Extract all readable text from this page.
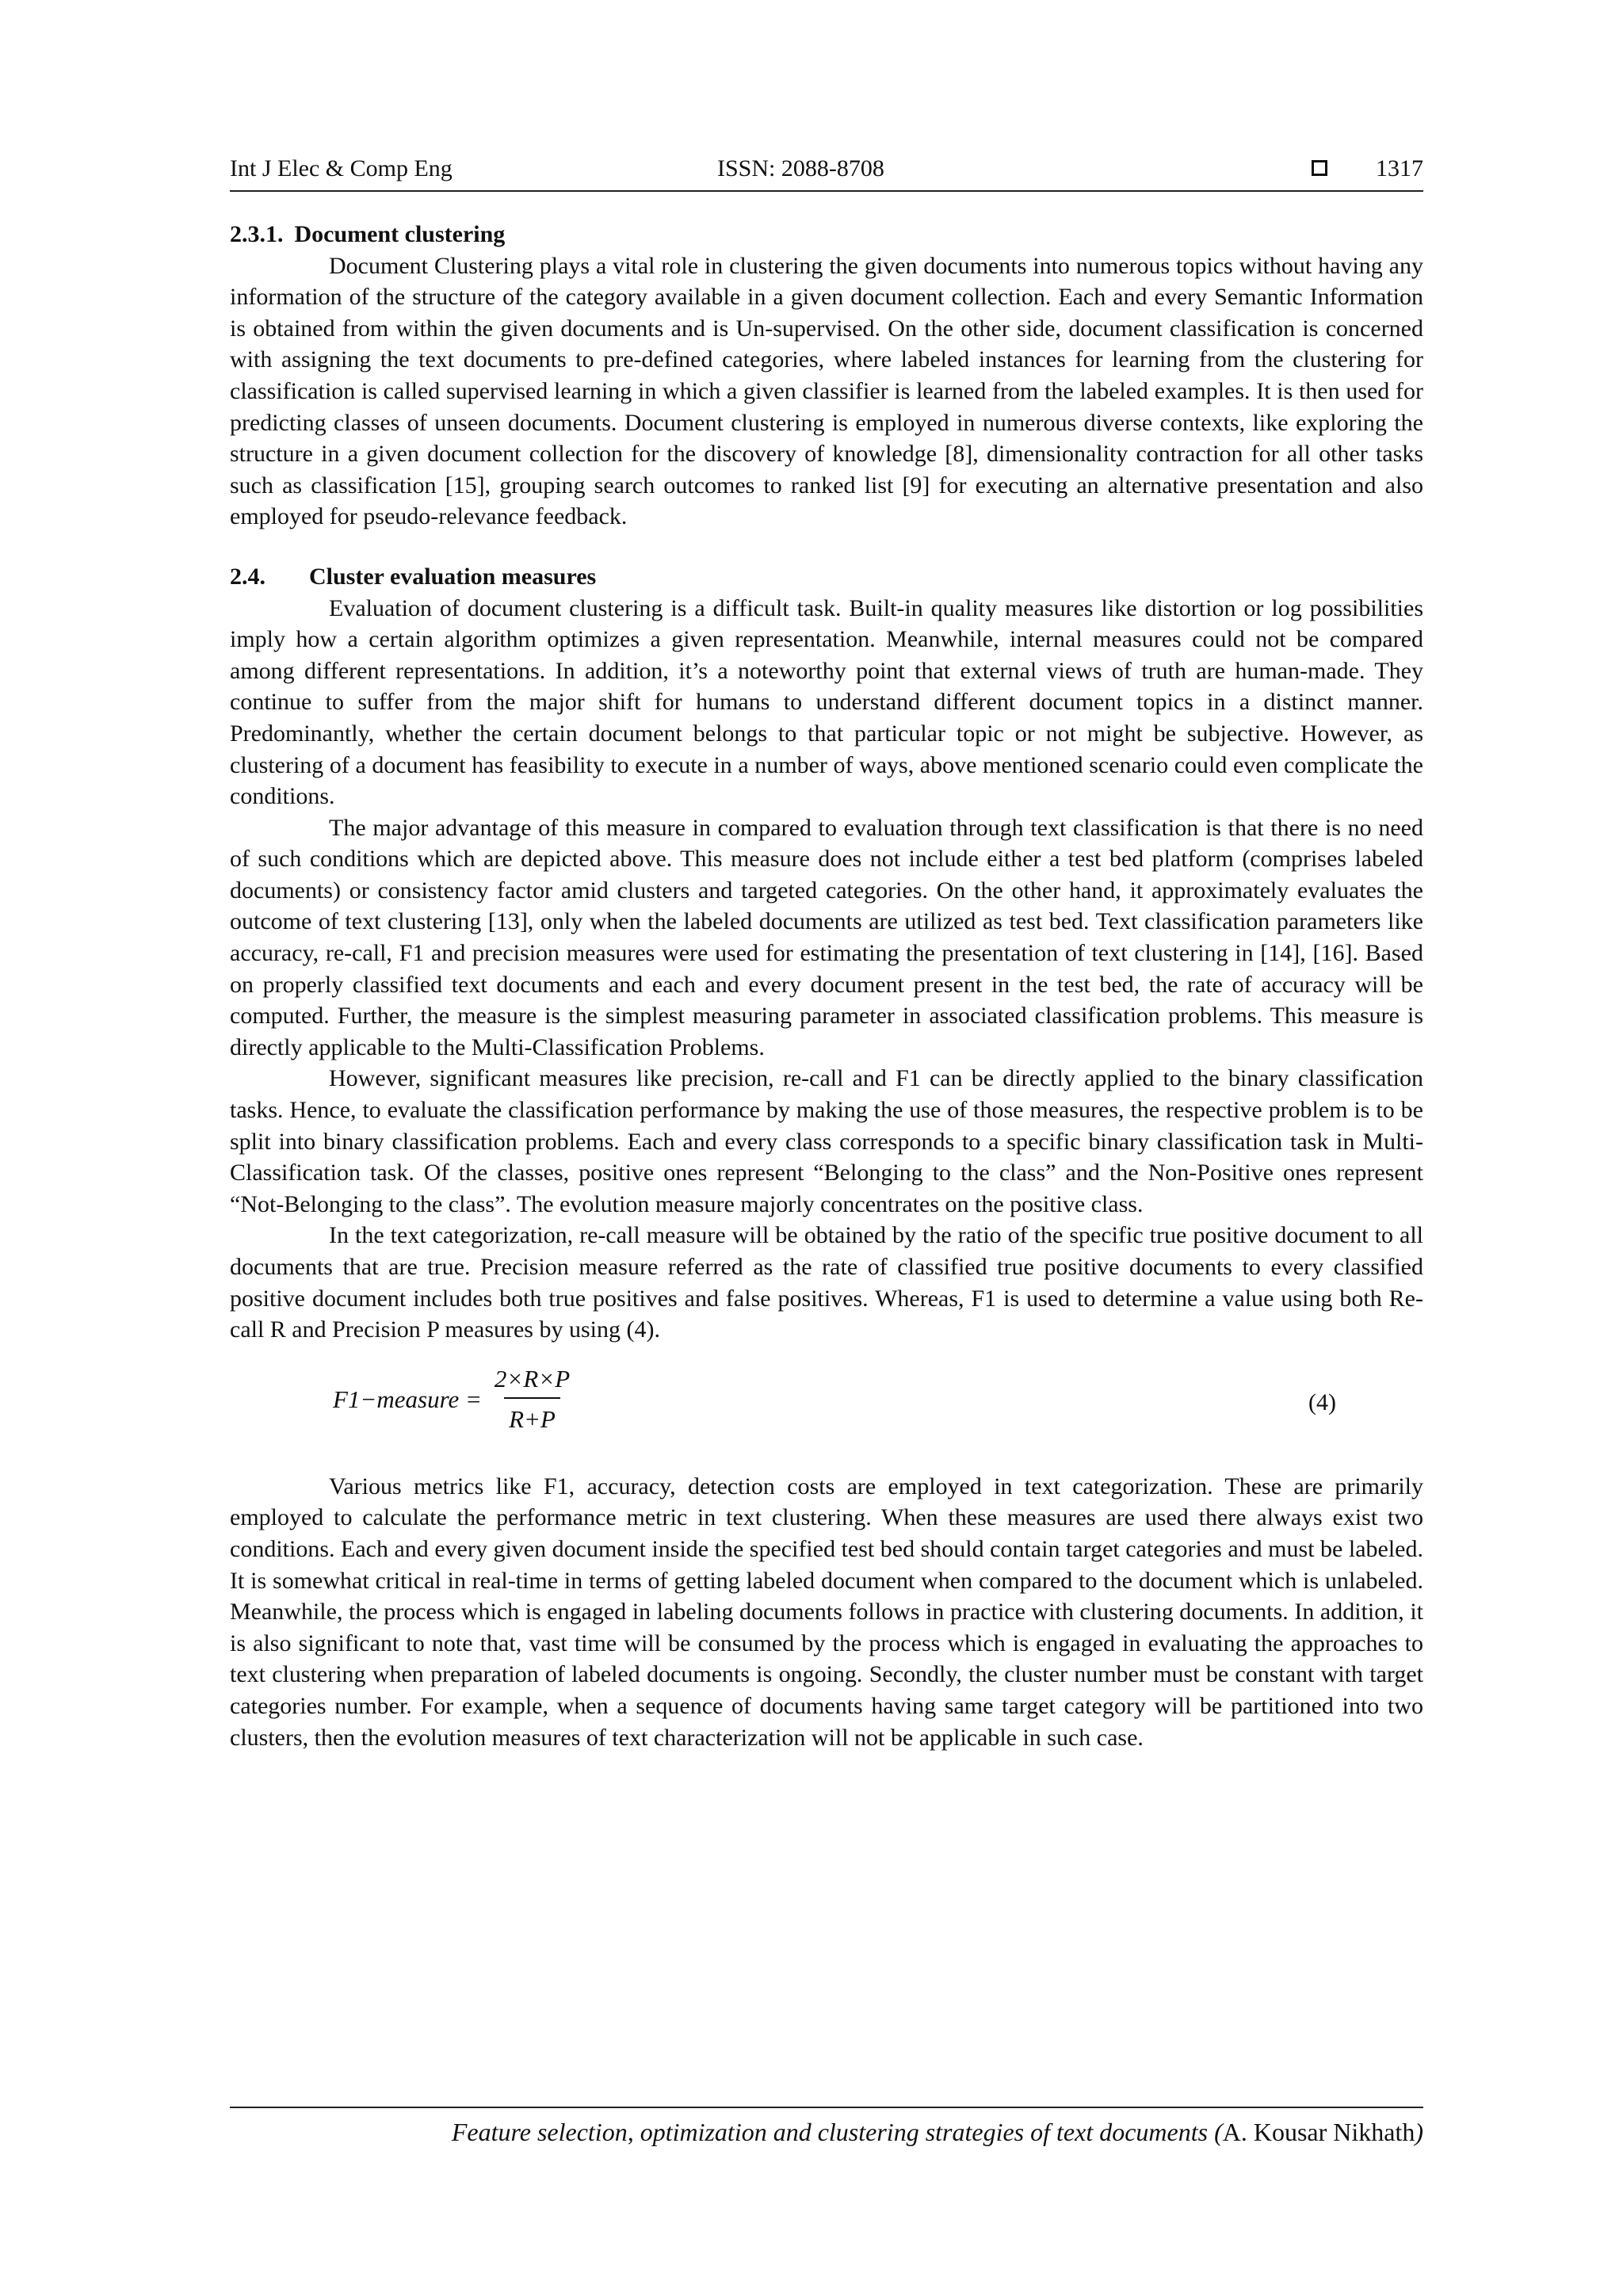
Int J Elec & Comp Eng	ISSN: 2088-8708	1317

2.3.1. Document clustering

Document Clustering plays a vital role in clustering the given documents into numerous topics without having any information of the structure of the category available in a given document collection. Each and every Semantic Information is obtained from within the given documents and is Un-supervised. On the other side, document classification is concerned with assigning the text documents to pre-defined categories, where labeled instances for learning from the clustering for classification is called supervised learning in which a given classifier is learned from the labeled examples. It is then used for predicting classes of unseen documents. Document clustering is employed in numerous diverse contexts, like exploring the structure in a given document collection for the discovery of knowledge [8], dimensionality contraction for all other tasks such as classification [15], grouping search outcomes to ranked list [9] for executing an alternative presentation and also employed for pseudo-relevance feedback.

2.4. Cluster evaluation measures

Evaluation of document clustering is a difficult task. Built-in quality measures like distortion or log possibilities imply how a certain algorithm optimizes a given representation. Meanwhile, internal measures could not be compared among different representations. In addition, it’s a noteworthy point that external views of truth are human-made. They continue to suffer from the major shift for humans to understand different document topics in a distinct manner. Predominantly, whether the certain document belongs to that particular topic or not might be subjective. However, as clustering of a document has feasibility to execute in a number of ways, above mentioned scenario could even complicate the conditions.

The major advantage of this measure in compared to evaluation through text classification is that there is no need of such conditions which are depicted above. This measure does not include either a test bed platform (comprises labeled documents) or consistency factor amid clusters and targeted categories. On the other hand, it approximately evaluates the outcome of text clustering [13], only when the labeled documents are utilized as test bed. Text classification parameters like accuracy, re-call, F1 and precision measures were used for estimating the presentation of text clustering in [14], [16]. Based on properly classified text documents and each and every document present in the test bed, the rate of accuracy will be computed. Further, the measure is the simplest measuring parameter in associated classification problems. This measure is directly applicable to the Multi-Classification Problems.

However, significant measures like precision, re-call and F1 can be directly applied to the binary classification tasks. Hence, to evaluate the classification performance by making the use of those measures, the respective problem is to be split into binary classification problems. Each and every class corresponds to a specific binary classification task in Multi-Classification task. Of the classes, positive ones represent “Belonging to the class” and the Non-Positive ones represent “Not-Belonging to the class”. The evolution measure majorly concentrates on the positive class.

In the text categorization, re-call measure will be obtained by the ratio of the specific true positive document to all documents that are true. Precision measure referred as the rate of classified true positive documents to every classified positive document includes both true positives and false positives. Whereas, F1 is used to determine a value using both Re-call R and Precision P measures by using (4).

F1−measure = $\frac{2\times R\times P}{R+P}$	(4)

Various metrics like F1, accuracy, detection costs are employed in text categorization. These are primarily employed to calculate the performance metric in text clustering. When these measures are used there always exist two conditions. Each and every given document inside the specified test bed should contain target categories and must be labeled. It is somewhat critical in real-time in terms of getting labeled document when compared to the document which is unlabeled. Meanwhile, the process which is engaged in labeling documents follows in practice with clustering documents. In addition, it is also significant to note that, vast time will be consumed by the process which is engaged in evaluating the approaches to text clustering when preparation of labeled documents is ongoing. Secondly, the cluster number must be constant with target categories number. For example, when a sequence of documents having same target category will be partitioned into two clusters, then the evolution measures of text characterization will not be applicable in such case.

Feature selection, optimization and clustering strategies of text documents (A. Kousar Nikhath)
